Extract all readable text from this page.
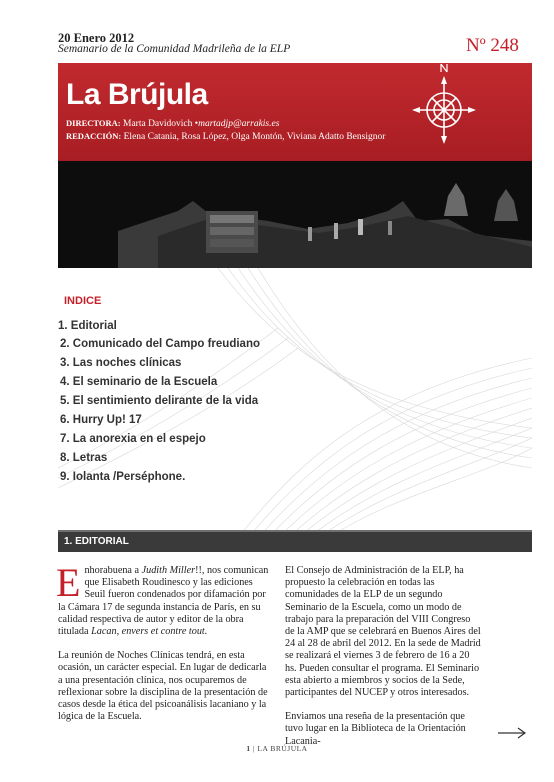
20 Enero 2012
Semanario de la Comunidad Madrileña de la ELP	Nº 248
La Brújula
DIRECTORA: Marta Davidovich •martadjp@arrakis.es
REDACCIÓN: Elena Catania, Rosa López, Olga Montón, Viviana Adatto Bensignor
INDICE
1. Editorial
2. Comunicado del Campo freudiano
3. Las noches clínicas
4. El seminario de la Escuela
5. El sentimiento delirante de la vida
6. Hurry Up! 17
7. La anorexia en el espejo
8. Letras
9. Iolanta /Perséphone.
1. EDITORIAL

Enhorabuena a Judith Miller!!, nos comunican que Elisabeth Roudinesco y las ediciones Seuil fueron condenados por difamación por la Cámara 17 de segunda instancia de París, en su calidad respectiva de autor y editor de la obra titulada Lacan, envers et contre tout.

La reunión de Noches Clínicas tendrá, en esta ocasión, un carácter especial. En lugar de dedicarla a una presentación clínica, nos ocuparemos de reflexionar sobre la disciplina de la presentación de casos desde la ética del psicoanálisis lacaniano y la lógica de la Escuela.

El Consejo de Administración de la ELP, ha propuesto la celebración en todas las comunidades de la ELP de un segundo Seminario de la Escuela, como un modo de trabajo para la preparación del VIII Congreso de la AMP que se celebrará en Buenos Aires del 24 al 28 de abril del 2012. En la sede de Madrid se realizará el viernes 3 de febrero de 16 a 20 hs. Pueden consultar el programa. El Seminario esta abierto a miembros y socios de la Sede, participantes del NUCEP y otros interesados.

Enviamos una reseña de la presentación que tuvo lugar en la Biblioteca de la Orientación Lacania-

1 | LA BRÚJULA
